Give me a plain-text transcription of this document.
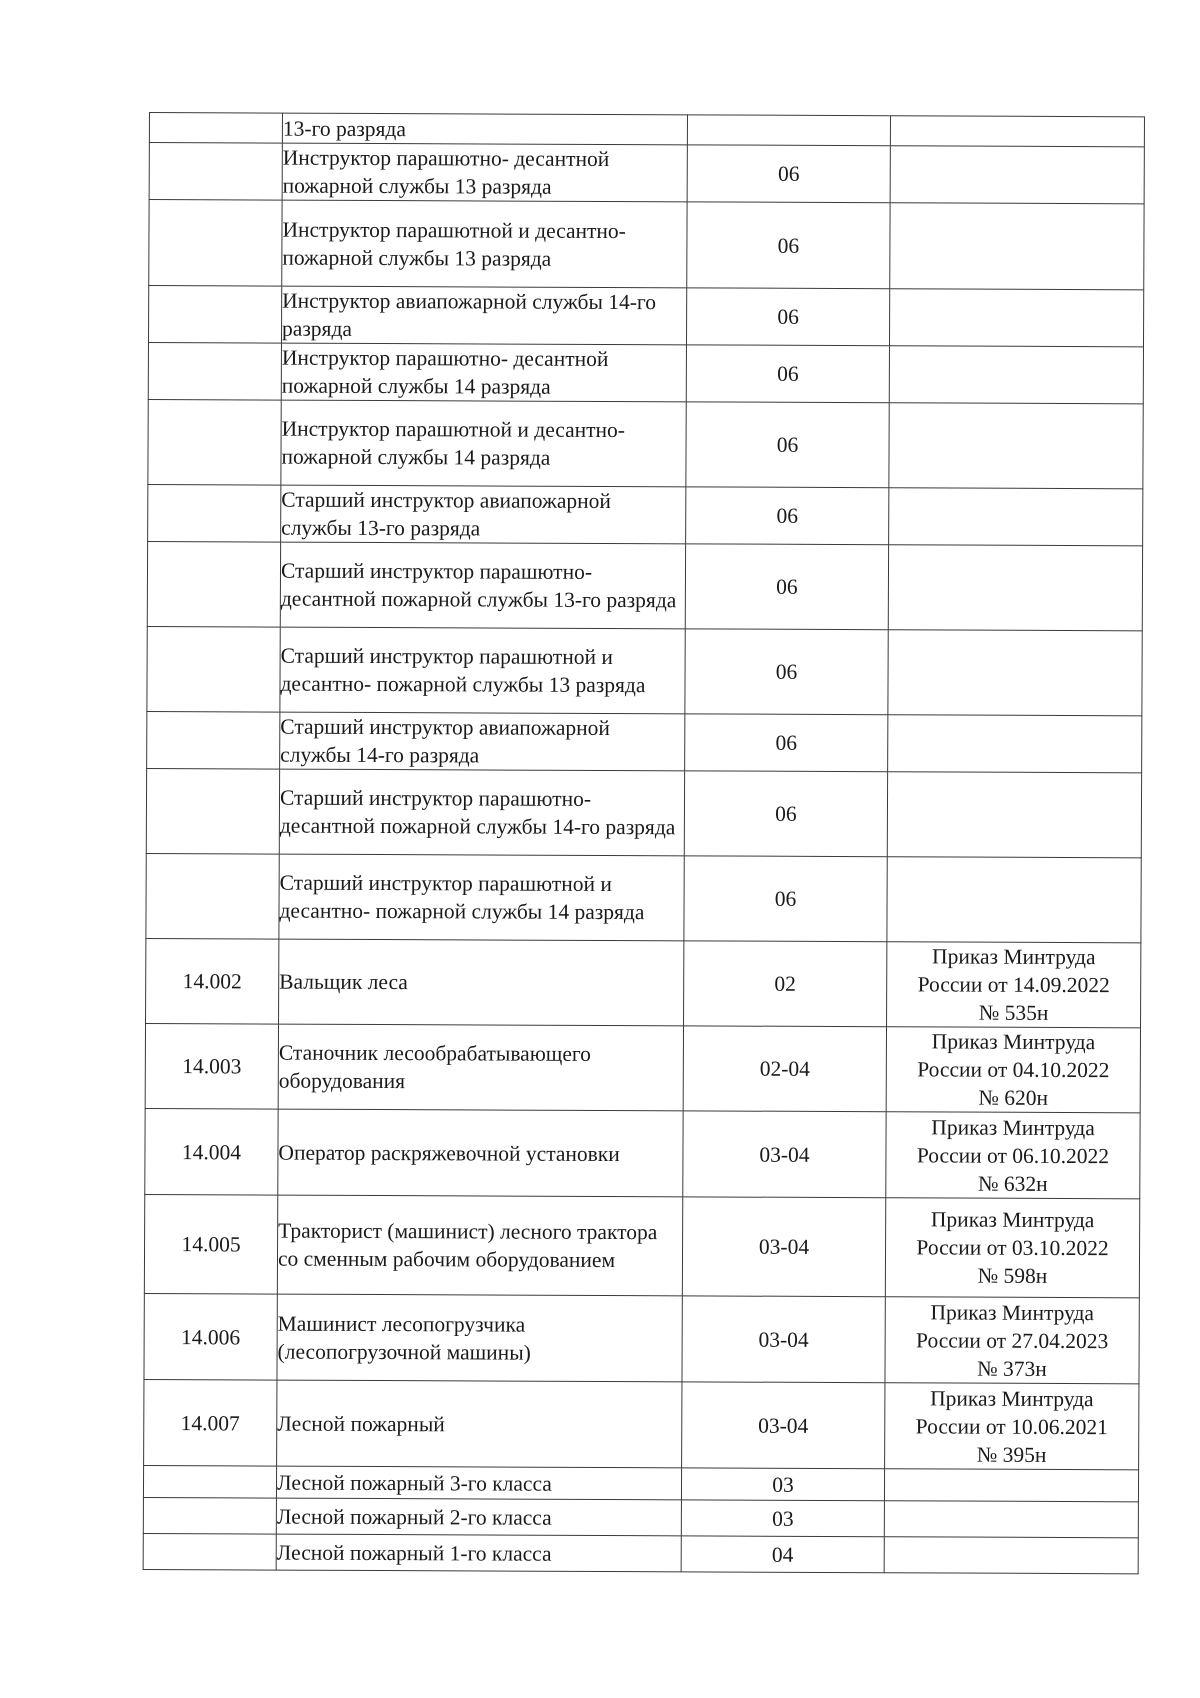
	13-го разряда		
	Инструктор парашютно- десантной пожарной службы 13 разряда	06	
	Инструктор парашютной и десантно-пожарной службы 13 разряда	06	
	Инструктор авиапожарной службы 14-го разряда	06	
	Инструктор парашютно- десантной пожарной службы 14 разряда	06	
	Инструктор парашютной и десантно- пожарной службы 14 разряда	06	
	Старший инструктор авиапожарной службы 13-го разряда	06	
	Старший инструктор парашютно-десантной пожарной службы 13-го разряда	06	
	Старший инструктор парашютной и десантно- пожарной службы 13 разряда	06	
	Старший инструктор авиапожарной службы 14-го разряда	06	
	Старший инструктор парашютно-десантной пожарной службы 14-го разряда	06	
	Старший инструктор парашютной и десантно- пожарной службы 14 разряда	06	
14.002	Вальщик леса	02	Приказ Минтруда
России от 14.09.2022
№ 535н

14.003	Станочник лесообрабатывающего оборудования	02-04	Приказ Минтруда
России от 04.10.2022
№ 620н

14.004	Оператор раскряжевочной установки	03-04	Приказ Минтруда
России от 06.10.2022
№ 632н

14.005	Тракторист (машинист) лесного трактора со сменным рабочим оборудованием	03-04	Приказ Минтруда
России от 03.10.2022
№ 598н

14.006	Машинист лесопогрузчика (лесопогрузочной машины)	03-04	Приказ Минтруда
России от 27.04.2023
№ 373н

14.007	Лесной пожарный	03-04	Приказ Минтруда
России от 10.06.2021
№ 395н

	Лесной пожарный 3-го класса	03	
	Лесной пожарный 2-го класса	03	
	Лесной пожарный 1-го класса	04	
